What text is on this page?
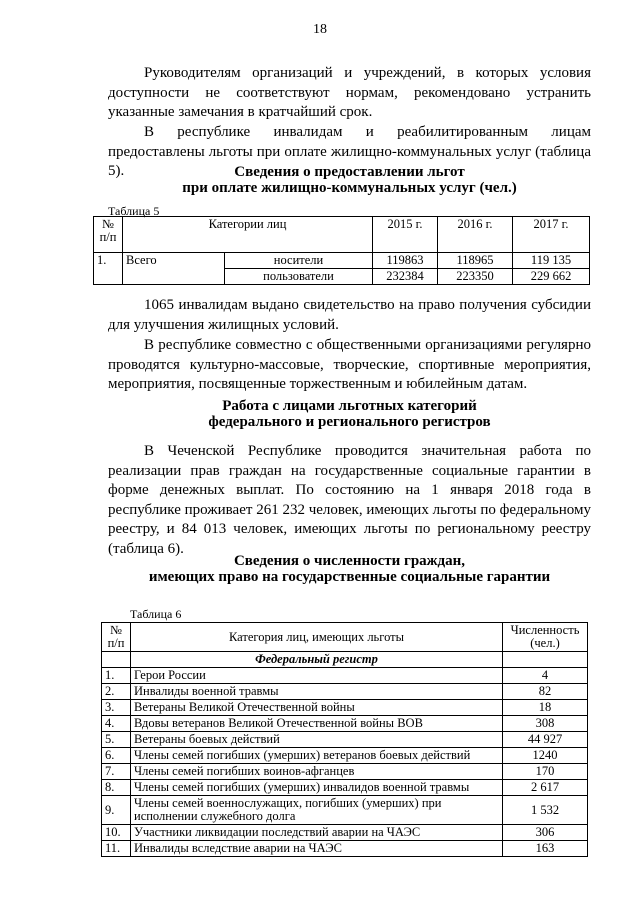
18
Руководителям организаций и учреждений, в которых условия доступности не соответствуют нормам, рекомендовано устранить указанные замечания в кратчайший срок.
В республике инвалидам и реабилитированным лицам предоставлены льготы при оплате жилищно-коммунальных услуг (таблица 5).	Сведения о предоставлении льгот
при оплате жилищно-коммунальных услуг (чел.)
Таблица 5
№ п/п	Категории лиц		2015 г.	2016 г.	2017 г.
1.	Всего	носители	119863	118965	119 135
		пользователи	232384	223350	229 662
1065 инвалидам выдано свидетельство на право получения субсидии для улучшения жилищных условий.
В республике совместно с общественными организациями регулярно проводятся культурно-массовые, творческие, спортивные мероприятия, мероприятия, посвященные торжественным и юбилейным датам.
Работа с лицами льготных категорий
федерального и регионального регистров
В Чеченской Республике проводится значительная работа по реализации прав граждан на государственные социальные гарантии в форме денежных выплат. По состоянию на 1 января 2018 года в республике проживает 261 232 человек, имеющих льготы по федеральному реестру, и 84 013 человек, имеющих льготы по региональному реестру (таблица 6).
Сведения о численности граждан,
имеющих право на государственные социальные гарантии
Таблица 6
№ п/п	Категория лиц, имеющих льготы	Численность (чел.)
	Федеральный регистр	
1.	Герои России	4
2.	Инвалиды военной травмы	82
3.	Ветераны Великой Отечественной войны	18
4.	Вдовы ветеранов Великой Отечественной войны ВОВ	308
5.	Ветераны боевых действий	44 927
6.	Члены семей погибших (умерших) ветеранов боевых действий	1240
7.	Члены семей погибших воинов-афганцев	170
8.	Члены семей погибших (умерших) инвалидов военной травмы	2 617
9.	Члены семей военнослужащих, погибших (умерших) при исполнении служебного долга	1 532
10.	Участники ликвидации последствий аварии на ЧАЭС	306
11.	Инвалиды вследствие аварии на ЧАЭС	163
